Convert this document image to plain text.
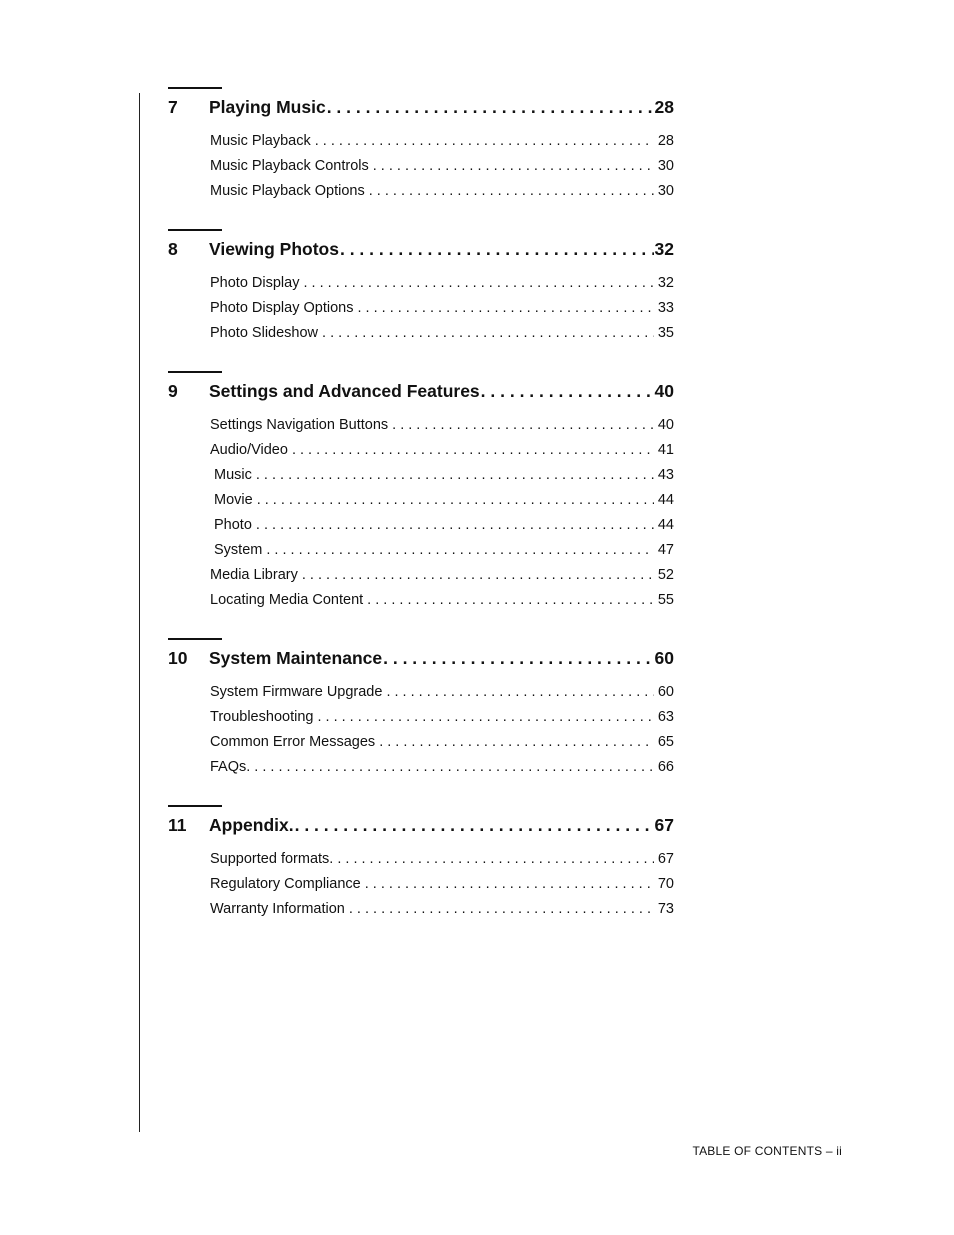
7	Playing Music . . .	28
Music Playback . . .	28
Music Playback Controls . . .	30
Music Playback Options . . .	30
8	Viewing Photos . . .	32
Photo Display . . .	32
Photo Display Options . . .	33
Photo Slideshow . . .	35
9	Settings and Advanced Features . . .	40
Settings Navigation Buttons . . .	40
Audio/Video . . .	41
Music . . .	43
Movie . . .	44
Photo . . .	44
System . . .	47
Media Library . . .	52
Locating Media Content . . .	55
10	System Maintenance . . .	60
System Firmware Upgrade . . .	60
Troubleshooting . . .	63
Common Error Messages . . .	65
FAQs. . . .	66
11	Appendix. . . .	67
Supported formats. . . .	67
Regulatory Compliance . . .	70
Warranty Information . . .	73
TABLE OF CONTENTS – ii
